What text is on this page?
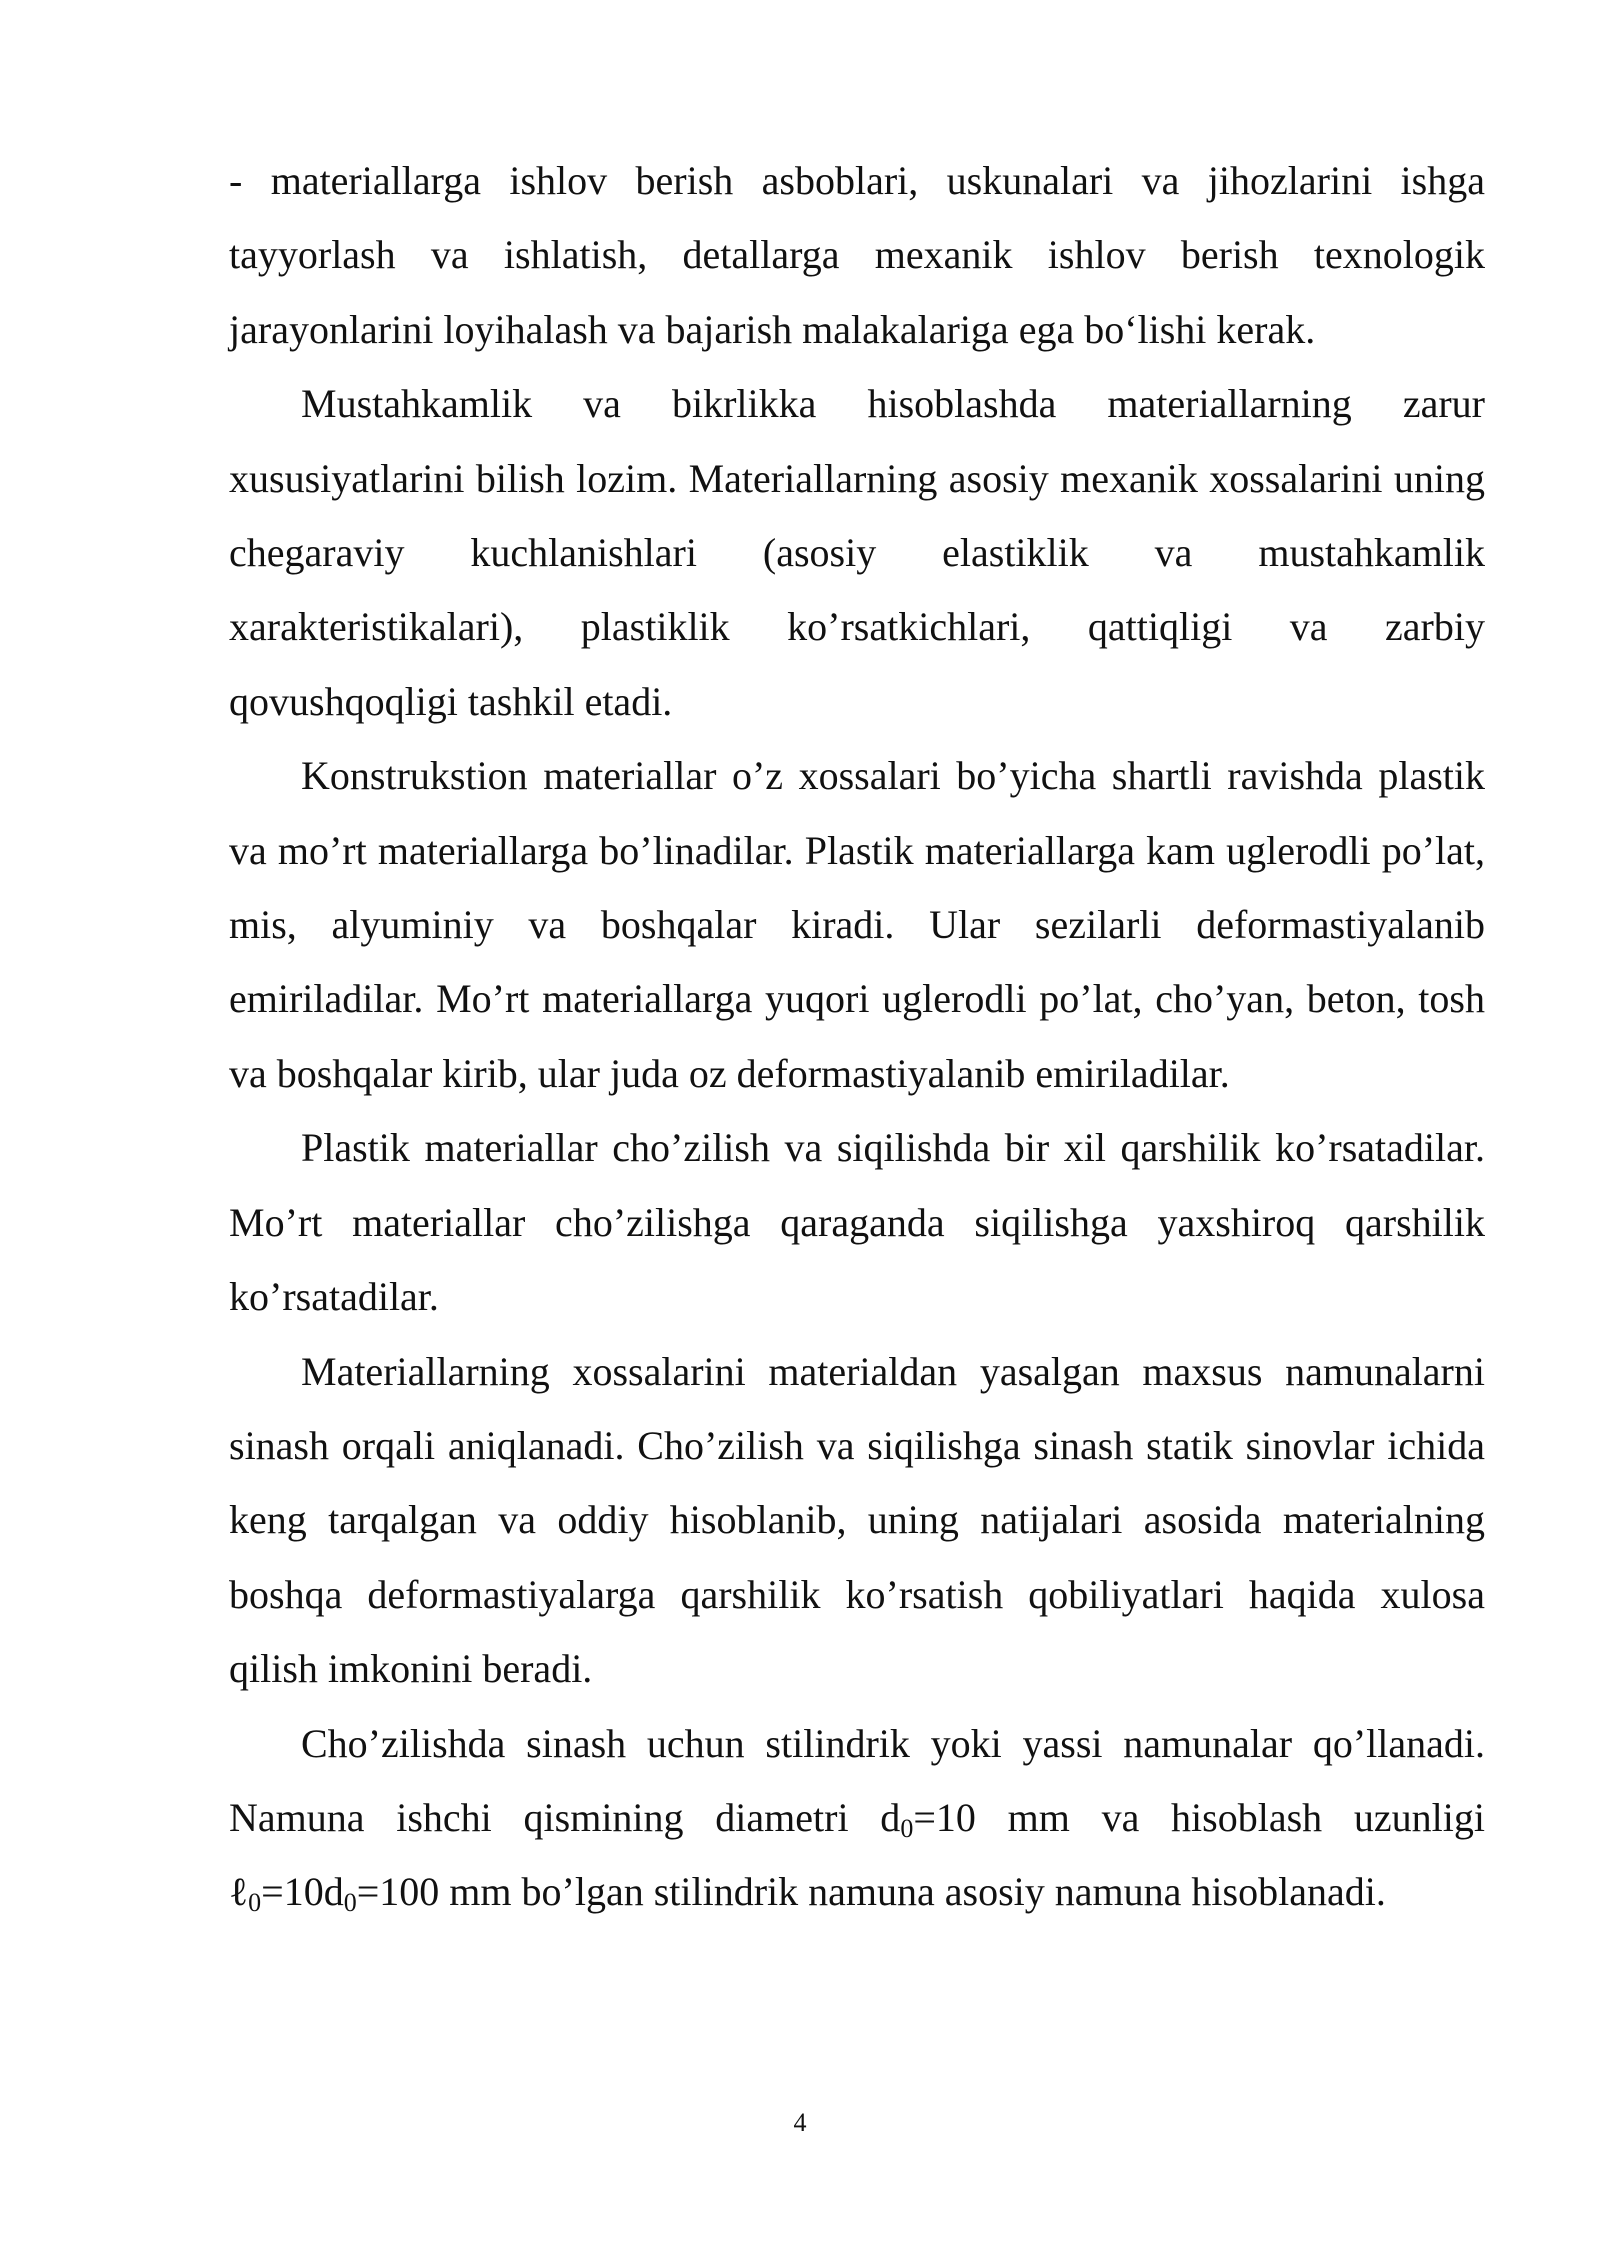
- materiallarga ishlov berish asboblari, uskunalari va jihozlarini ishga tayyorlash va ishlatish, detallarga mexanik ishlov berish texnologik jarayonlarini loyihalash va bajarish malakalariga ega bo‘lishi kerak.

Mustahkamlik va bikrlikka hisoblashda materiallarning zarur xususiyatlarini bilish lozim. Materiallarning asosiy mexanik xossalarini uning chegaraviy kuchlanishlari (asosiy elastiklik va mustahkamlik xarakteristikalari), plastiklik ko’rsatkichlari, qattiqligi va zarbiy qovushqoqligi tashkil etadi.

Konstrukstion materiallar o’z xossalari bo’yicha shartli ravishda plastik va mo’rt materiallarga bo’linadilar. Plastik materiallarga kam uglerodli po’lat, mis, alyuminiy va boshqalar kiradi. Ular sezilarli deformastiyalanib emiriladilar. Mo’rt materiallarga yuqori uglerodli po’lat, cho’yan, beton, tosh va boshqalar kirib, ular juda oz deformastiyalanib emiriladilar.

Plastik materiallar cho’zilish va siqilishda bir xil qarshilik ko’rsatadilar. Mo’rt materiallar cho’zilishga qaraganda siqilishga yaxshiroq qarshilik ko’rsatadilar.

Materiallarning xossalarini materialdan yasalgan maxsus namunalarni sinash orqali aniqlanadi. Cho’zilish va siqilishga sinash statik sinovlar ichida keng tarqalgan va oddiy hisoblanib, uning natijalari asosida materialning boshqa deformastiyalarga qarshilik ko’rsatish qobiliyatlari haqida xulosa qilish imkonini beradi.

Cho’zilishda sinash uchun stilindrik yoki yassi namunalar qo’llanadi. Namuna ishchi qismining diametri $d_0=10$ mm va hisoblash uzunligi $\ell_0=10d_0=100$ mm bo’lgan stilindrik namuna asosiy namuna hisoblanadi.

4
